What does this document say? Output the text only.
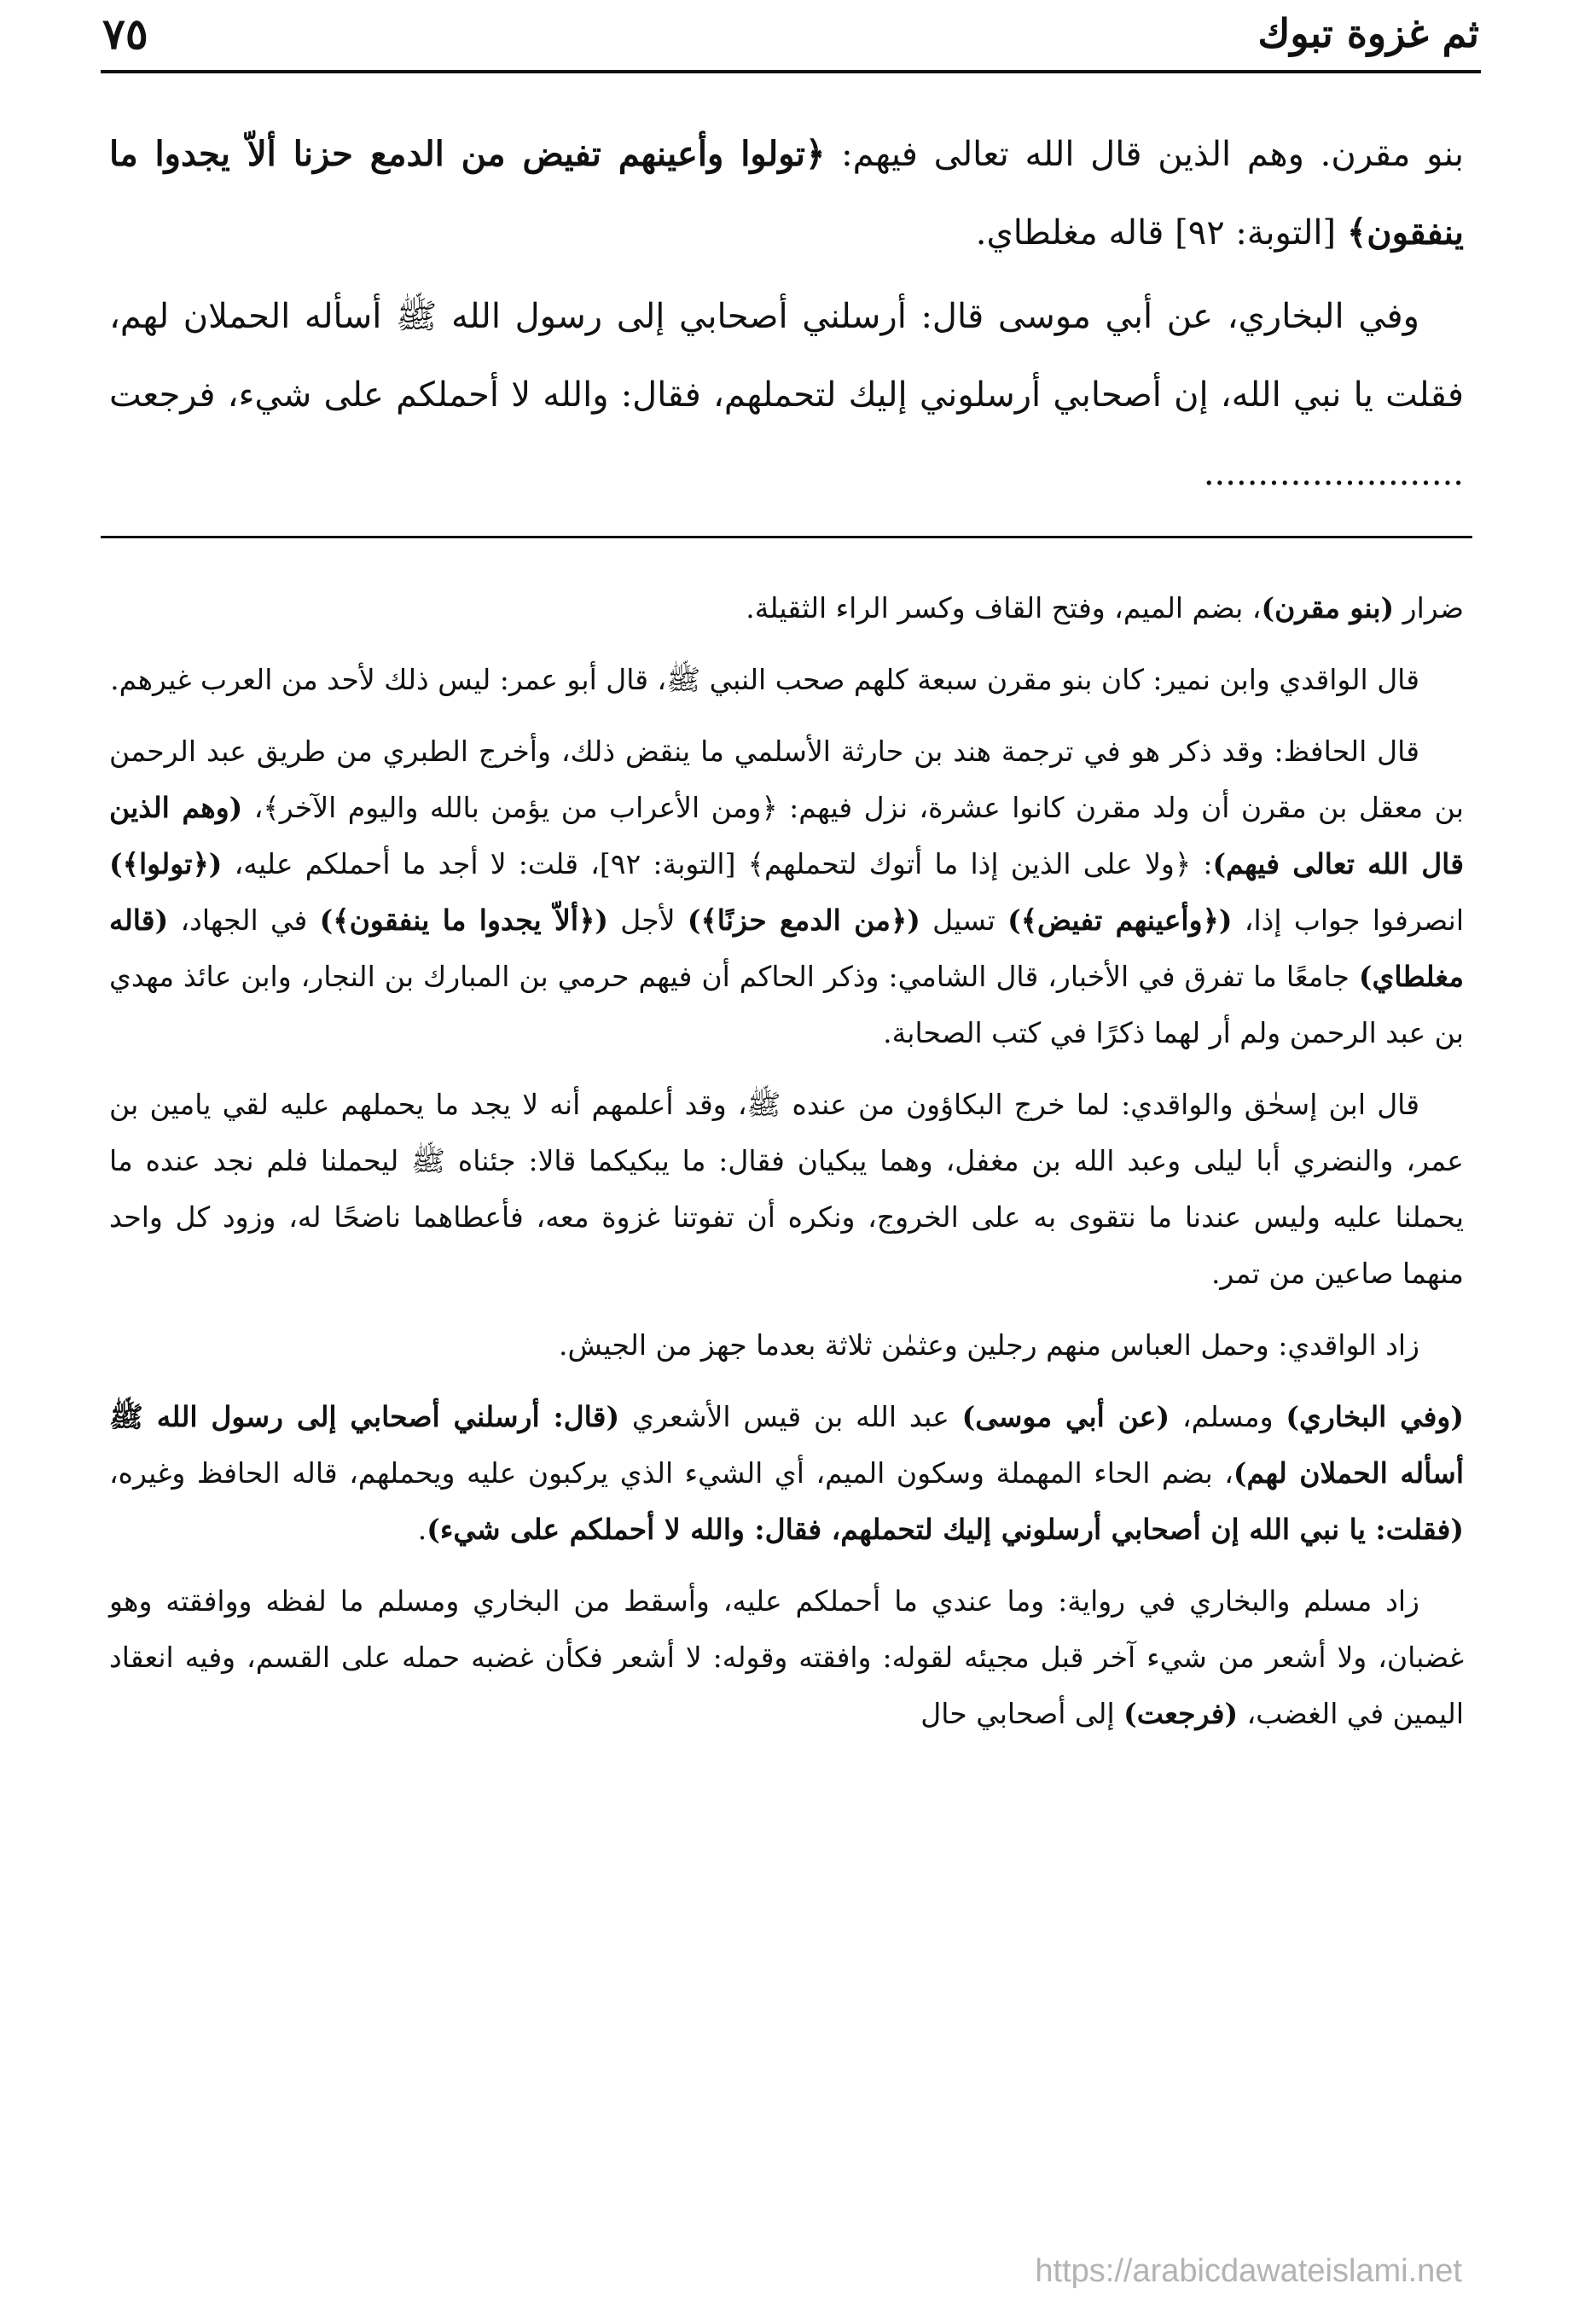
ثم غزوة تبوك
٧٥

بنو مقرن. وهم الذين قال الله تعالى فيهم: ﴿تولوا وأعينهم تفيض من الدمع حزنا ألاّ يجدوا ما ينفقون﴾ [التوبة: ٩٢] قاله مغلطاي.

وفي البخاري، عن أبي موسى قال: أرسلني أصحابي إلى رسول الله ﷺ أسأله الحملان لهم، فقلت يا نبي الله، إن أصحابي أرسلوني إليك لتحملهم، فقال: والله لا أحملكم على شيء، فرجعت ........................

ضرار (بنو مقرن)، بضم الميم، وفتح القاف وكسر الراء الثقيلة.

قال الواقدي وابن نمير: كان بنو مقرن سبعة كلهم صحب النبي ﷺ، قال أبو عمر: ليس ذلك لأحد من العرب غيرهم.

قال الحافظ: وقد ذكر هو في ترجمة هند بن حارثة الأسلمي ما ينقض ذلك، وأخرج الطبري من طريق عبد الرحمن بن معقل بن مقرن أن ولد مقرن كانوا عشرة، نزل فيهم: ﴿ومن الأعراب من يؤمن بالله واليوم الآخر﴾، (وهم الذين قال الله تعالى فيهم): ﴿ولا على الذين إذا ما أتوك لتحملهم﴾ [التوبة: ٩٢]، قلت: لا أجد ما أحملكم عليه، (﴿تولوا﴾) انصرفوا جواب إذا، (﴿وأعينهم تفيض﴾) تسيل (﴿من الدمع حزنًا﴾) لأجل (﴿ألاّ يجدوا ما ينفقون﴾) في الجهاد، (قاله مغلطاي) جامعًا ما تفرق في الأخبار، قال الشامي: وذكر الحاكم أن فيهم حرمي بن المبارك بن النجار، وابن عائذ مهدي بن عبد الرحمن ولم أر لهما ذكرًا في كتب الصحابة.

قال ابن إسحٰق والواقدي: لما خرج البكاؤون من عنده ﷺ، وقد أعلمهم أنه لا يجد ما يحملهم عليه لقي يامين بن عمر، والنضري أبا ليلى وعبد الله بن مغفل، وهما يبكيان فقال: ما يبكيكما قالا: جئناه ﷺ ليحملنا فلم نجد عنده ما يحملنا عليه وليس عندنا ما نتقوى به على الخروج، ونكره أن تفوتنا غزوة معه، فأعطاهما ناضحًا له، وزود كل واحد منهما صاعين من تمر.

زاد الواقدي: وحمل العباس منهم رجلين وعثمٰن ثلاثة بعدما جهز من الجيش.

(وفي البخاري) ومسلم، (عن أبي موسى) عبد الله بن قيس الأشعري (قال: أرسلني أصحابي إلى رسول الله ﷺ أسأله الحملان لهم)، بضم الحاء المهملة وسكون الميم، أي الشيء الذي يركبون عليه ويحملهم، قاله الحافظ وغيره، (فقلت: يا نبي الله إن أصحابي أرسلوني إليك لتحملهم، فقال: والله لا أحملكم على شيء).

زاد مسلم والبخاري في رواية: وما عندي ما أحملكم عليه، وأسقط من البخاري ومسلم ما لفظه ووافقته وهو غضبان، ولا أشعر من شيء آخر قبل مجيئه لقوله: وافقته وقوله: لا أشعر فكأن غضبه حمله على القسم، وفيه انعقاد اليمين في الغضب، (فرجعت) إلى أصحابي حال

https://arabicdawateislami.net
